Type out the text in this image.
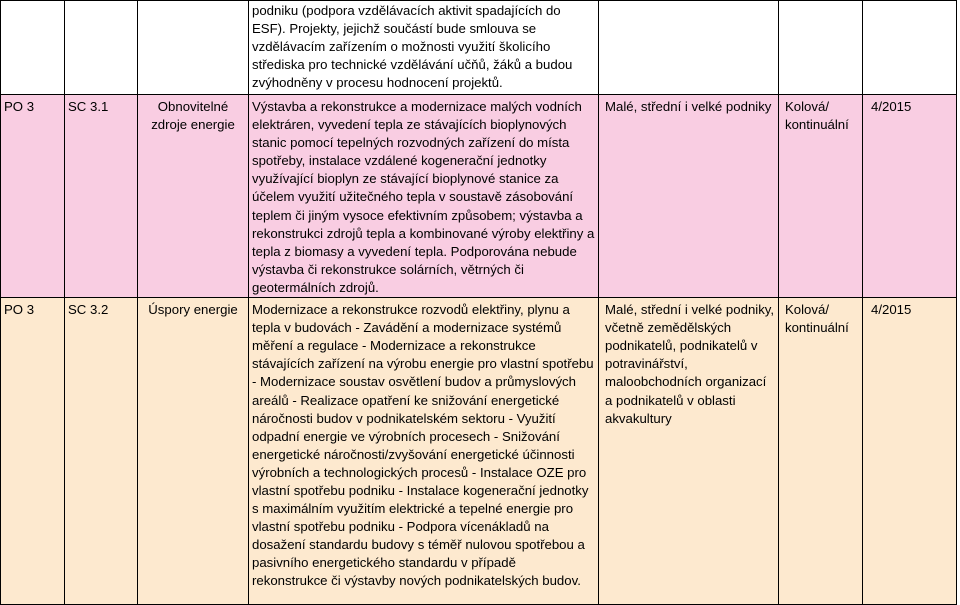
			podniku (podpora vzdělávacích aktivit spadajících do ESF). Projekty, jejichž součástí bude smlouva se vzdělávacím zařízením o možnosti využití školicího střediska pro technické vzdělávání učňů, žáků a budou zvýhodněny v procesu hodnocení projektů.			
PO 3	SC 3.1	Obnovitelné zdroje energie	Výstavba a rekonstrukce a modernizace malých vodních elektráren, vyvedení tepla ze stávajících bioplynových stanic pomocí tepelných rozvodných zařízení do místa spotřeby, instalace vzdálené kogenerační jednotky využívající bioplyn ze stávající bioplynové stanice za účelem využití užitečného tepla v soustavě zásobování teplem či jiným vysoce efektivním způsobem; výstavba a rekonstrukci zdrojů tepla a kombinované výroby elektřiny a tepla z biomasy a vyvedení tepla. Podporována nebude výstavba či rekonstrukce solárních, větrných či geotermálních zdrojů.	Malé, střední i velké podniky	Kolová/ kontinuální	4/2015
PO 3	SC 3.2	Úspory energie	Modernizace a rekonstrukce rozvodů elektřiny, plynu a tepla v budovách - Zavádění a modernizace systémů měření a regulace - Modernizace a rekonstrukce stávajících zařízení na výrobu energie pro vlastní spotřebu - Modernizace soustav osvětlení budov a průmyslových areálů - Realizace opatření ke snižování energetické náročnosti budov v podnikatelském sektoru - Využití odpadní energie ve výrobních procesech - Snižování energetické náročnosti/zvyšování energetické účinnosti výrobních a technologických procesů - Instalace OZE pro vlastní spotřebu podniku - Instalace kogenerační jednotky s maximálním využitím elektrické a tepelné energie pro vlastní spotřebu podniku - Podpora vícenákladů na dosažení standardu budovy s téměř nulovou spotřebou a pasivního energetického standardu v případě rekonstrukce či výstavby nových podnikatelských budov.	Malé, střední i velké podniky, včetně zemědělských podnikatelů, podnikatelů v potravinářství, maloobchodních organizací a podnikatelů v oblasti akvakultury	Kolová/ kontinuální	4/2015
